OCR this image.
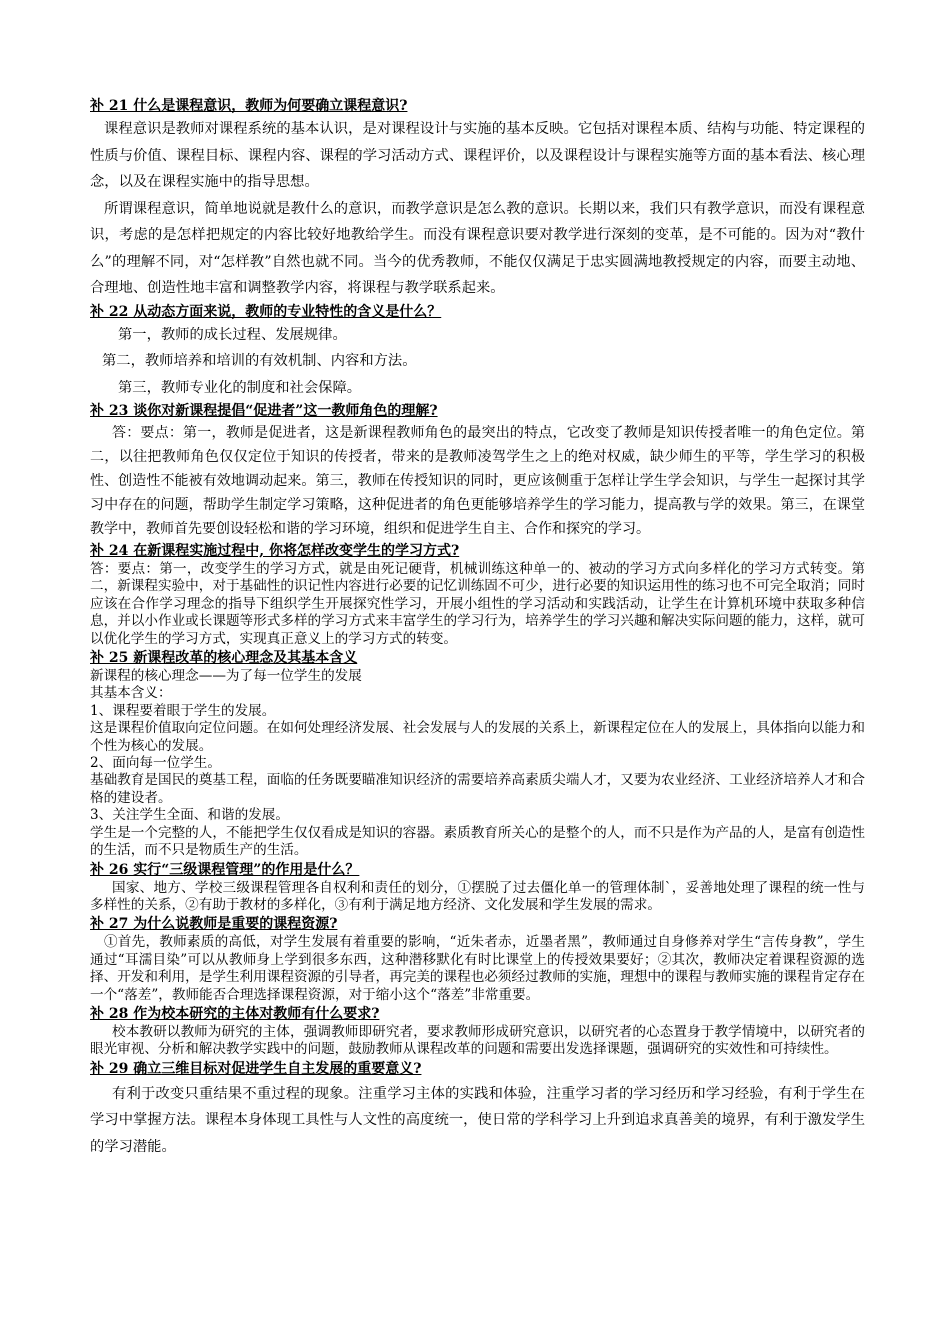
补 21 什么是课程意识，教师为何要确立课程意识?

课程意识是教师对课程系统的基本认识，是对课程设计与实施的基本反映。它包括对课程本质、结构与功能、特定课程的性质与价值、课程目标、课程内容、课程的学习活动方式、课程评价，以及课程设计与课程实施等方面的基本看法、核心理念，以及在课程实施中的指导思想。

所谓课程意识，简单地说就是教什么的意识，而教学意识是怎么教的意识。长期以来，我们只有教学意识，而没有课程意识，考虑的是怎样把规定的内容比较好地教给学生。而没有课程意识要对教学进行深刻的变革，是不可能的。因为对“教什么”的理解不同，对“怎样教”自然也就不同。当今的优秀教师，不能仅仅满足于忠实圆满地教授规定的内容，而要主动地、合理地、创造性地丰富和调整教学内容，将课程与教学联系起来。

补 22 从动态方面来说，教师的专业特性的含义是什么？

第一，教师的成长过程、发展规律。

第二，教师培养和培训的有效机制、内容和方法。

第三，教师专业化的制度和社会保障。

补 23 谈你对新课程提倡“促进者”这一教师角色的理解?

答：要点：第一，教师是促进者，这是新课程教师角色的最突出的特点，它改变了教师是知识传授者唯一的角色定位。第二，以往把教师角色仅仅定位于知识的传授者，带来的是教师凌驾学生之上的绝对权威，缺少师生的平等，学生学习的积极性、创造性不能被有效地调动起来。第三，教师在传授知识的同时，更应该侧重于怎样让学生学会知识，与学生一起探讨其学习中存在的问题，帮助学生制定学习策略，这种促进者的角色更能够培养学生的学习能力，提高教与学的效果。第三，在课堂教学中，教师首先要创设轻松和谐的学习环境，组织和促进学生自主、合作和探究的学习。

补 24 在新课程实施过程中, 你将怎样改变学生的学习方式?

答：要点：第一，改变学生的学习方式，就是由死记硬背，机械训练这种单一的、被动的学习方式向多样化的学习方式转变。第二，新课程实验中，对于基础性的识记性内容进行必要的记忆训练固不可少，进行必要的知识运用性的练习也不可完全取消；同时应该在合作学习理念的指导下组织学生开展探究性学习，开展小组性的学习活动和实践活动，让学生在计算机环境中获取多种信息，并以小作业或长课题等形式多样的学习方式来丰富学生的学习行为，培养学生的学习兴趣和解决实际问题的能力，这样，就可以优化学生的学习方式，实现真正意义上的学习方式的转变。

补 25 新课程改革的核心理念及其基本含义

新课程的核心理念——为了每一位学生的发展

其基本含义：

1、课程要着眼于学生的发展。

这是课程价值取向定位问题。在如何处理经济发展、社会发展与人的发展的关系上，新课程定位在人的发展上，具体指向以能力和个性为核心的发展。

2、面向每一位学生。

基础教育是国民的奠基工程，面临的任务既要瞄准知识经济的需要培养高素质尖端人才，又要为农业经济、工业经济培养人才和合格的建设者。

3、关注学生全面、和谐的发展。

学生是一个完整的人，不能把学生仅仅看成是知识的容器。素质教育所关心的是整个的人，而不只是作为产品的人，是富有创造性的生活，而不只是物质生产的生活。

补 26 实行“三级课程管理”的作用是什么？

国家、地方、学校三级课程管理各自权利和责任的划分，①摆脱了过去僵化单一的管理体制`，妥善地处理了课程的统一性与多样性的关系，②有助于教材的多样化，③有利于满足地方经济、文化发展和学生发展的需求。

补 27 为什么说教师是重要的课程资源?

①首先，教师素质的高低，对学生发展有着重要的影响，“近朱者赤，近墨者黑”，教师通过自身修养对学生“言传身教”，学生通过“耳濡目染”可以从教师身上学到很多东西，这种潜移默化有时比课堂上的传授效果要好；②其次，教师决定着课程资源的选择、开发和利用，是学生利用课程资源的引导者，再完美的课程也必须经过教师的实施，理想中的课程与教师实施的课程肯定存在一个“落差”，教师能否合理选择课程资源，对于缩小这个“落差”非常重要。

补 28 作为校本研究的主体对教师有什么要求?

校本教研以教师为研究的主体，强调教师即研究者，要求教师形成研究意识，以研究者的心态置身于教学情境中，以研究者的眼光审视、分析和解决教学实践中的问题，鼓励教师从课程改革的问题和需要出发选择课题，强调研究的实效性和可持续性。

补 29 确立三维目标对促进学生自主发展的重要意义?

有利于改变只重结果不重过程的现象。注重学习主体的实践和体验，注重学习者的学习经历和学习经验，有利于学生在学习中掌握方法。课程本身体现工具性与人文性的高度统一，使日常的学科学习上升到追求真善美的境界，有利于激发学生的学习潜能。
